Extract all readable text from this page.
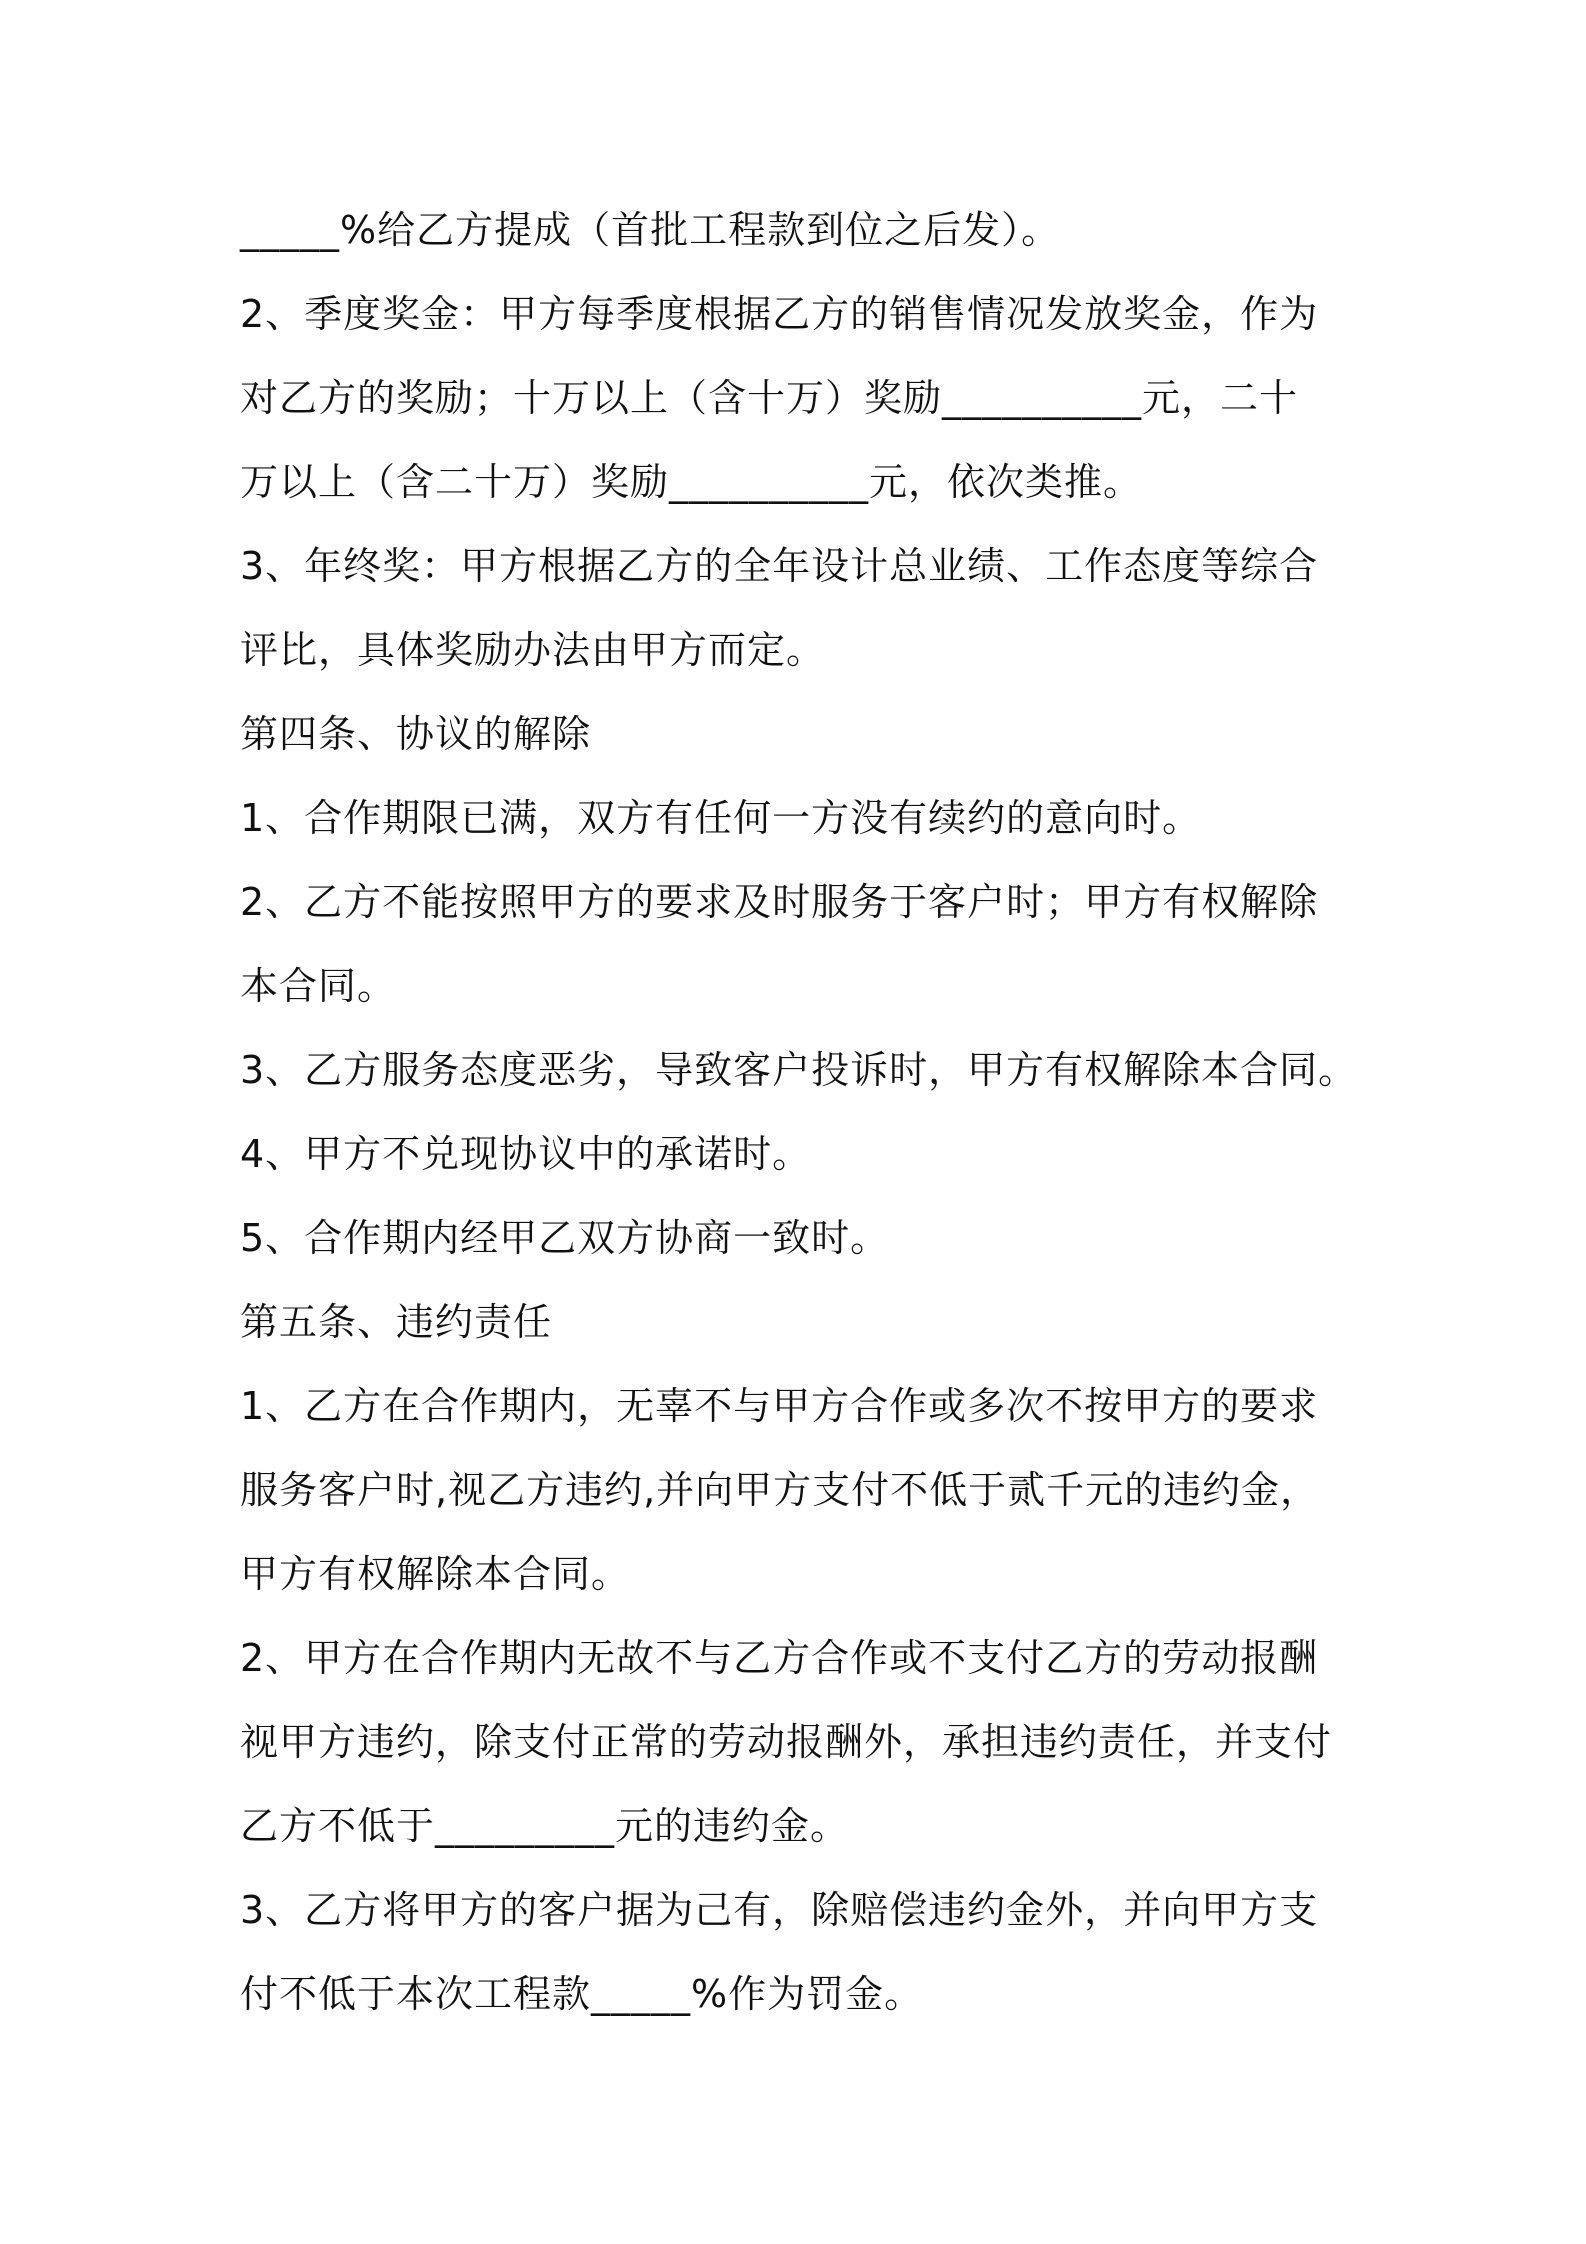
_____%给乙方提成（首批工程款到位之后发）。
2、季度奖金：甲方每季度根据乙方的销售情况发放奖金，作为
对乙方的奖励；十万以上（含十万）奖励__________元，二十
万以上（含二十万）奖励__________元，依次类推。
3、年终奖：甲方根据乙方的全年设计总业绩、工作态度等综合
评比，具体奖励办法由甲方而定。
第四条、协议的解除
1、合作期限已满，双方有任何一方没有续约的意向时。
2、乙方不能按照甲方的要求及时服务于客户时；甲方有权解除
本合同。
3、乙方服务态度恶劣，导致客户投诉时，甲方有权解除本合同。
4、甲方不兑现协议中的承诺时。
5、合作期内经甲乙双方协商一致时。
第五条、违约责任
1、乙方在合作期内，无辜不与甲方合作或多次不按甲方的要求
服务客户时,视乙方违约,并向甲方支付不低于贰千元的违约金，
甲方有权解除本合同。
2、甲方在合作期内无故不与乙方合作或不支付乙方的劳动报酬
视甲方违约，除支付正常的劳动报酬外，承担违约责任，并支付
乙方不低于_________元的违约金。
3、乙方将甲方的客户据为己有，除赔偿违约金外，并向甲方支
付不低于本次工程款_____%作为罚金。
